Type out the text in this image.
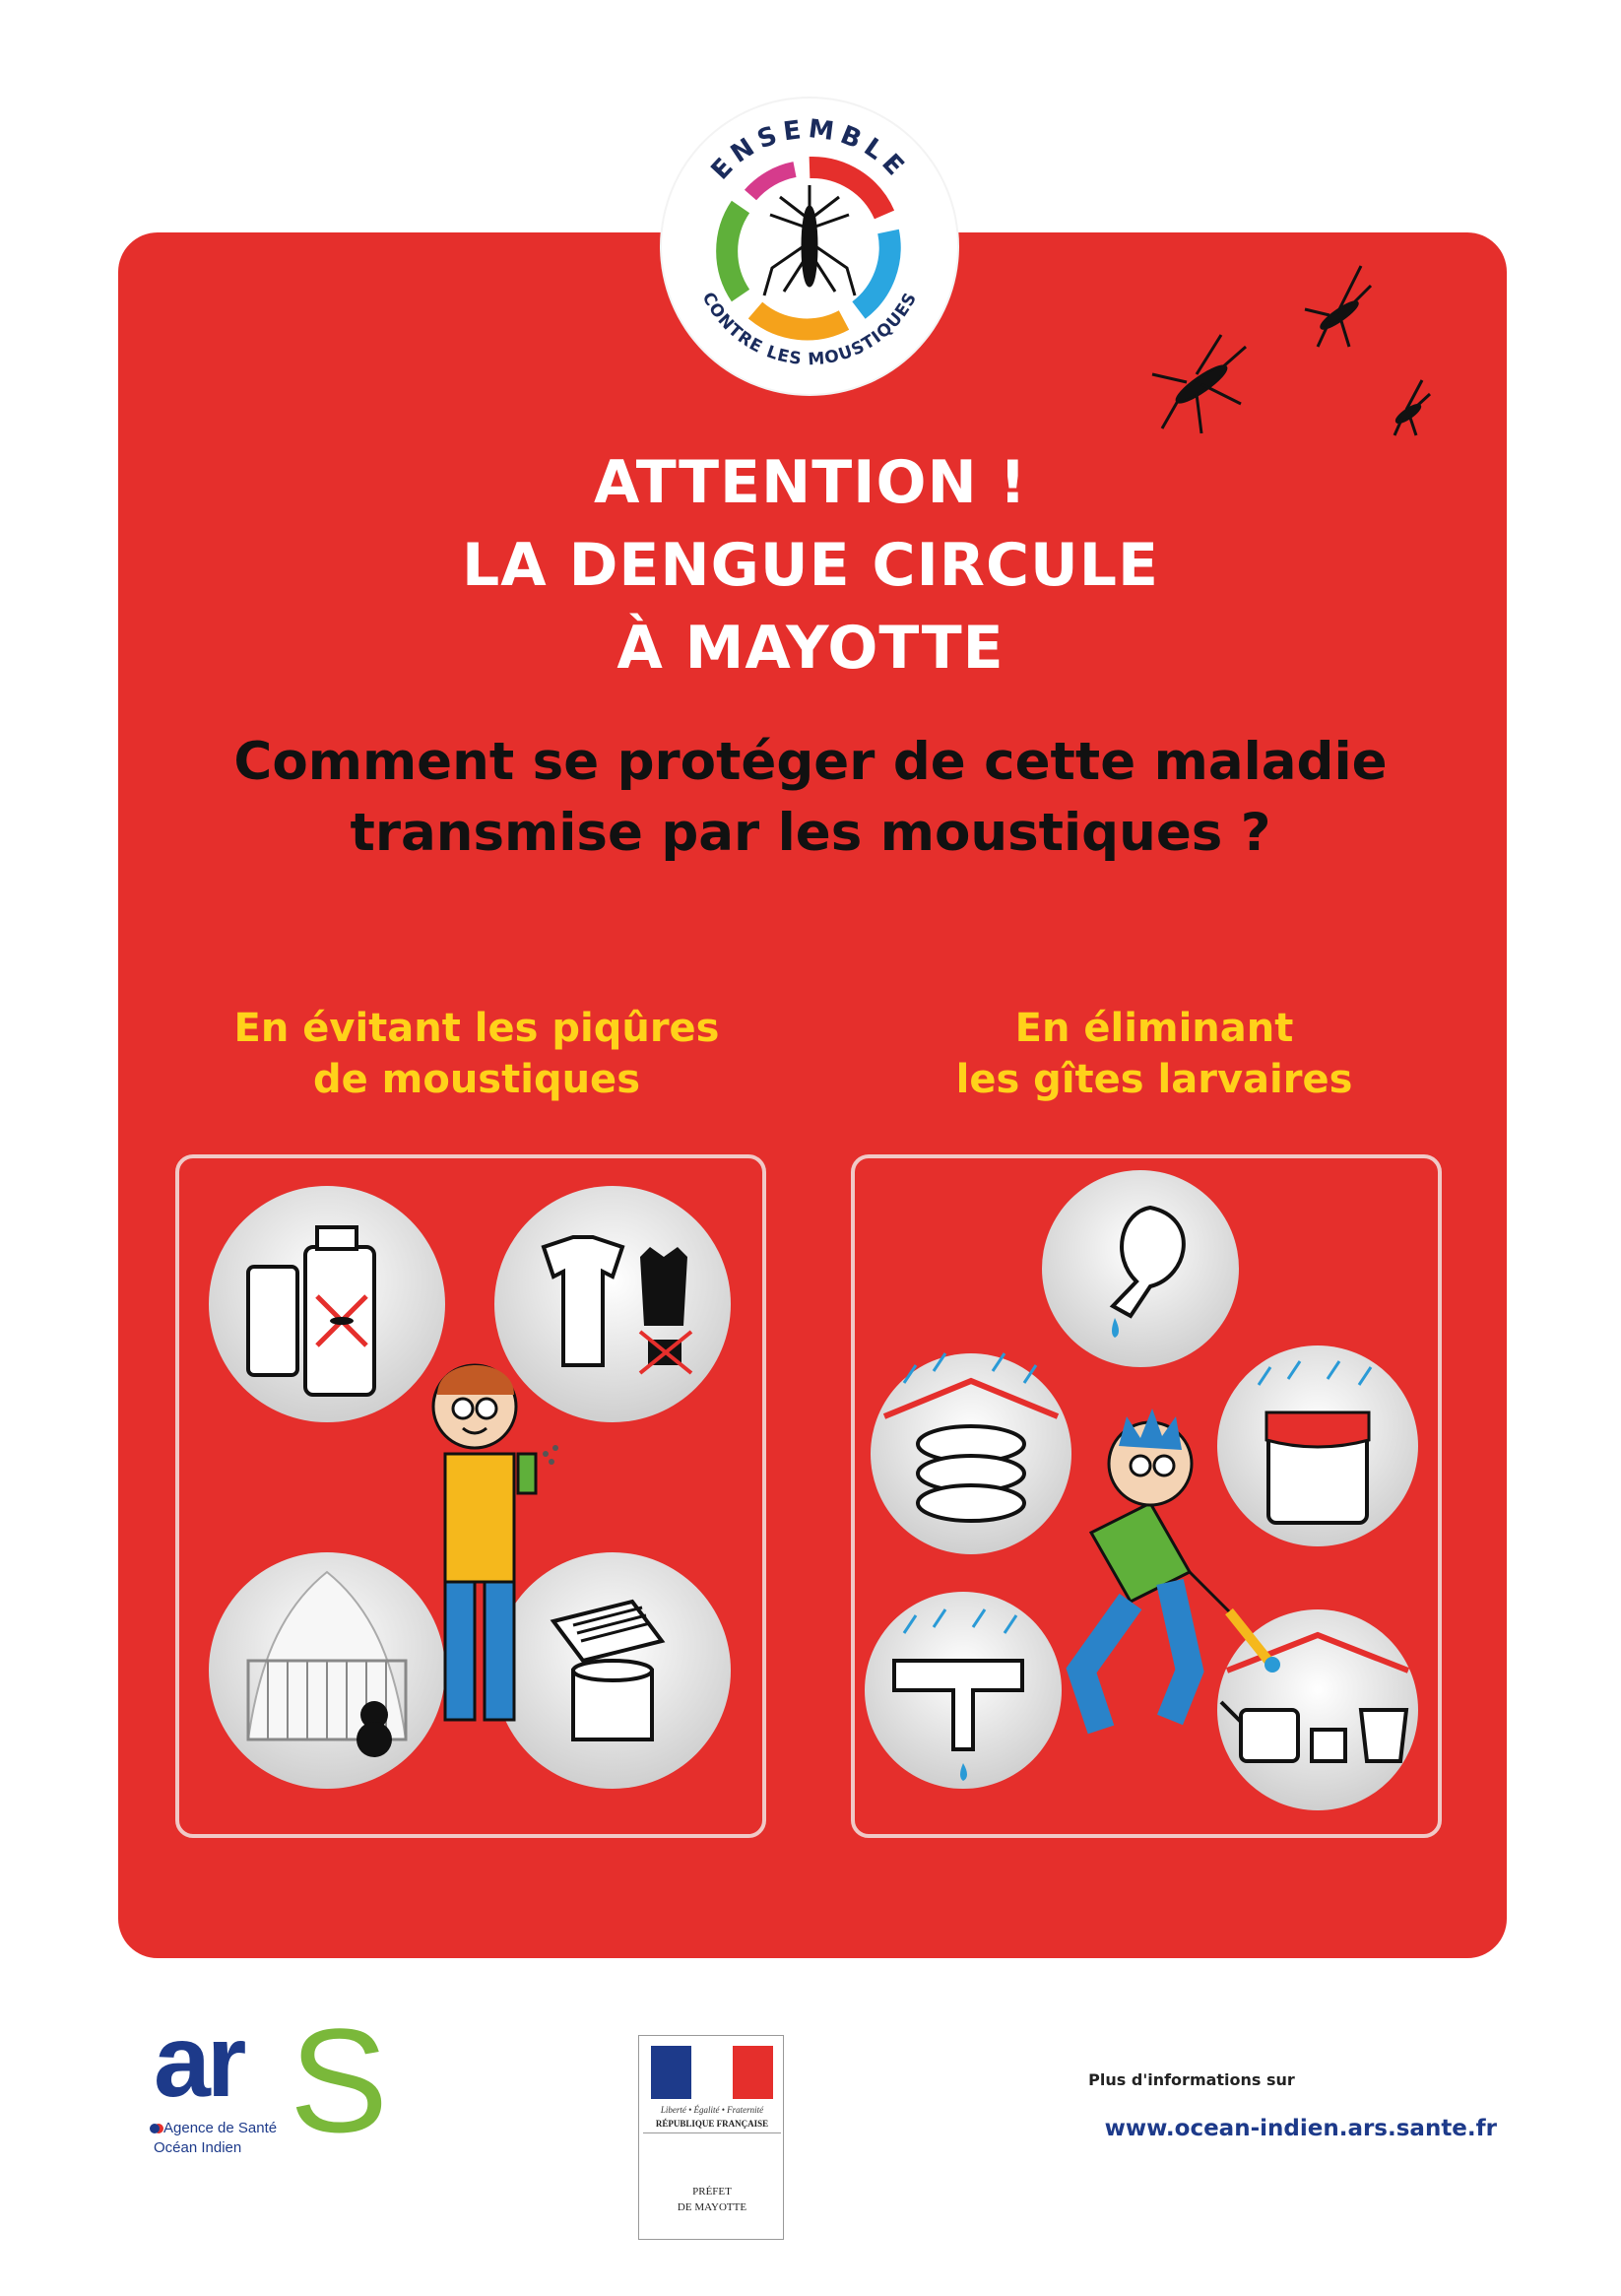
ENSEMBLE
CONTRE LES MOUSTIQUES
ATTENTION !
LA DENGUE CIRCULE
À MAYOTTE
Comment se protéger de cette maladie
transmise par les moustiques ?
En évitant les piqûres
de moustiques
En éliminant
les gîtes larvaires
ar S
Agence de Santé
Océan Indien
Liberté • Égalité • Fraternité
RÉPUBLIQUE FRANÇAISE
PRÉFET
DE MAYOTTE
Plus d'informations sur
www.ocean-indien.ars.sante.fr
